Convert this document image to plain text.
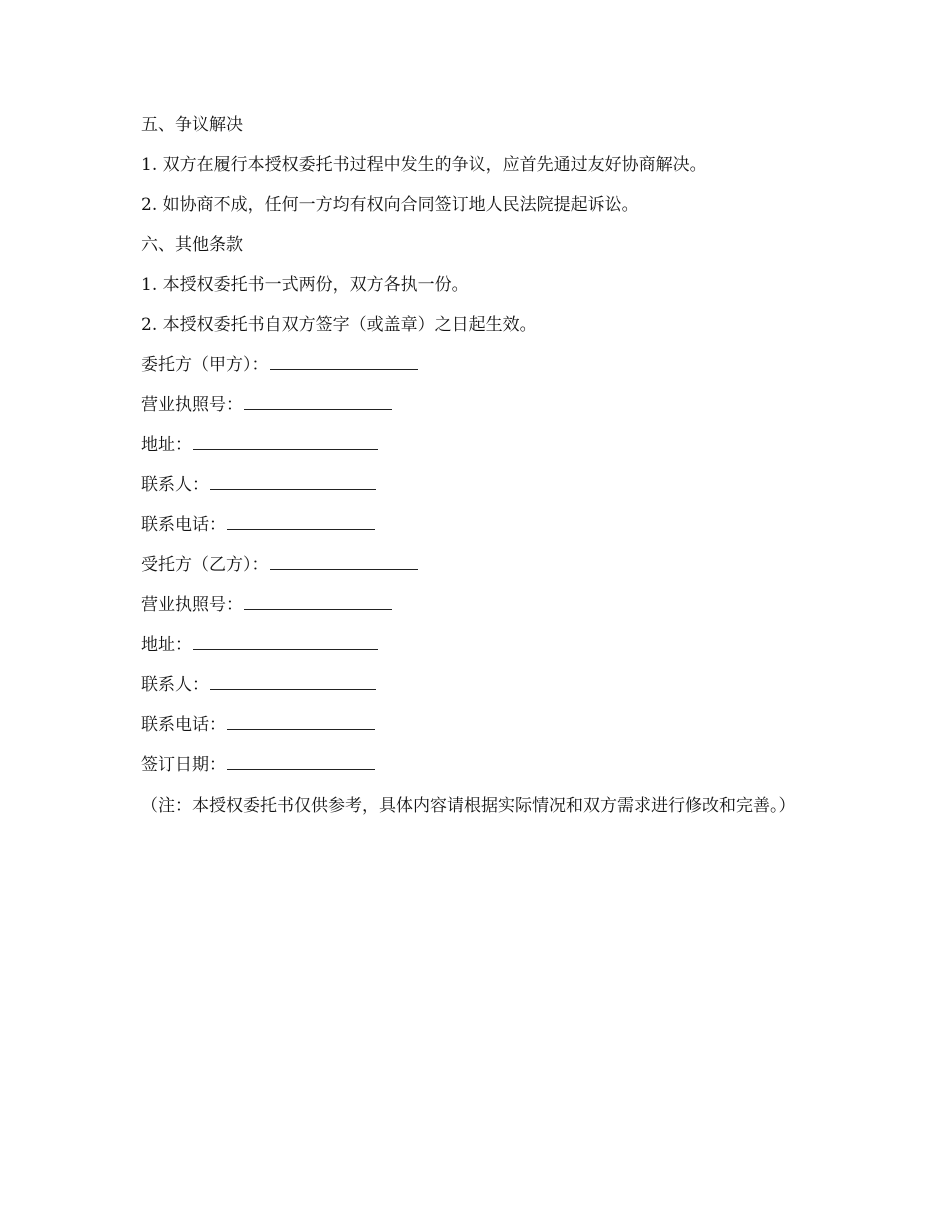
五、争议解决
1. 双方在履行本授权委托书过程中发生的争议，应首先通过友好协商解决。
2. 如协商不成，任何一方均有权向合同签订地人民法院提起诉讼。
六、其他条款
1. 本授权委托书一式两份，双方各执一份。
2. 本授权委托书自双方签字（或盖章）之日起生效。
委托方（甲方）：
营业执照号：
地址：
联系人：
联系电话：
受托方（乙方）：
营业执照号：
地址：
联系人：
联系电话：
签订日期：
（注：本授权委托书仅供参考，具体内容请根据实际情况和双方需求进行修改和完善。）
